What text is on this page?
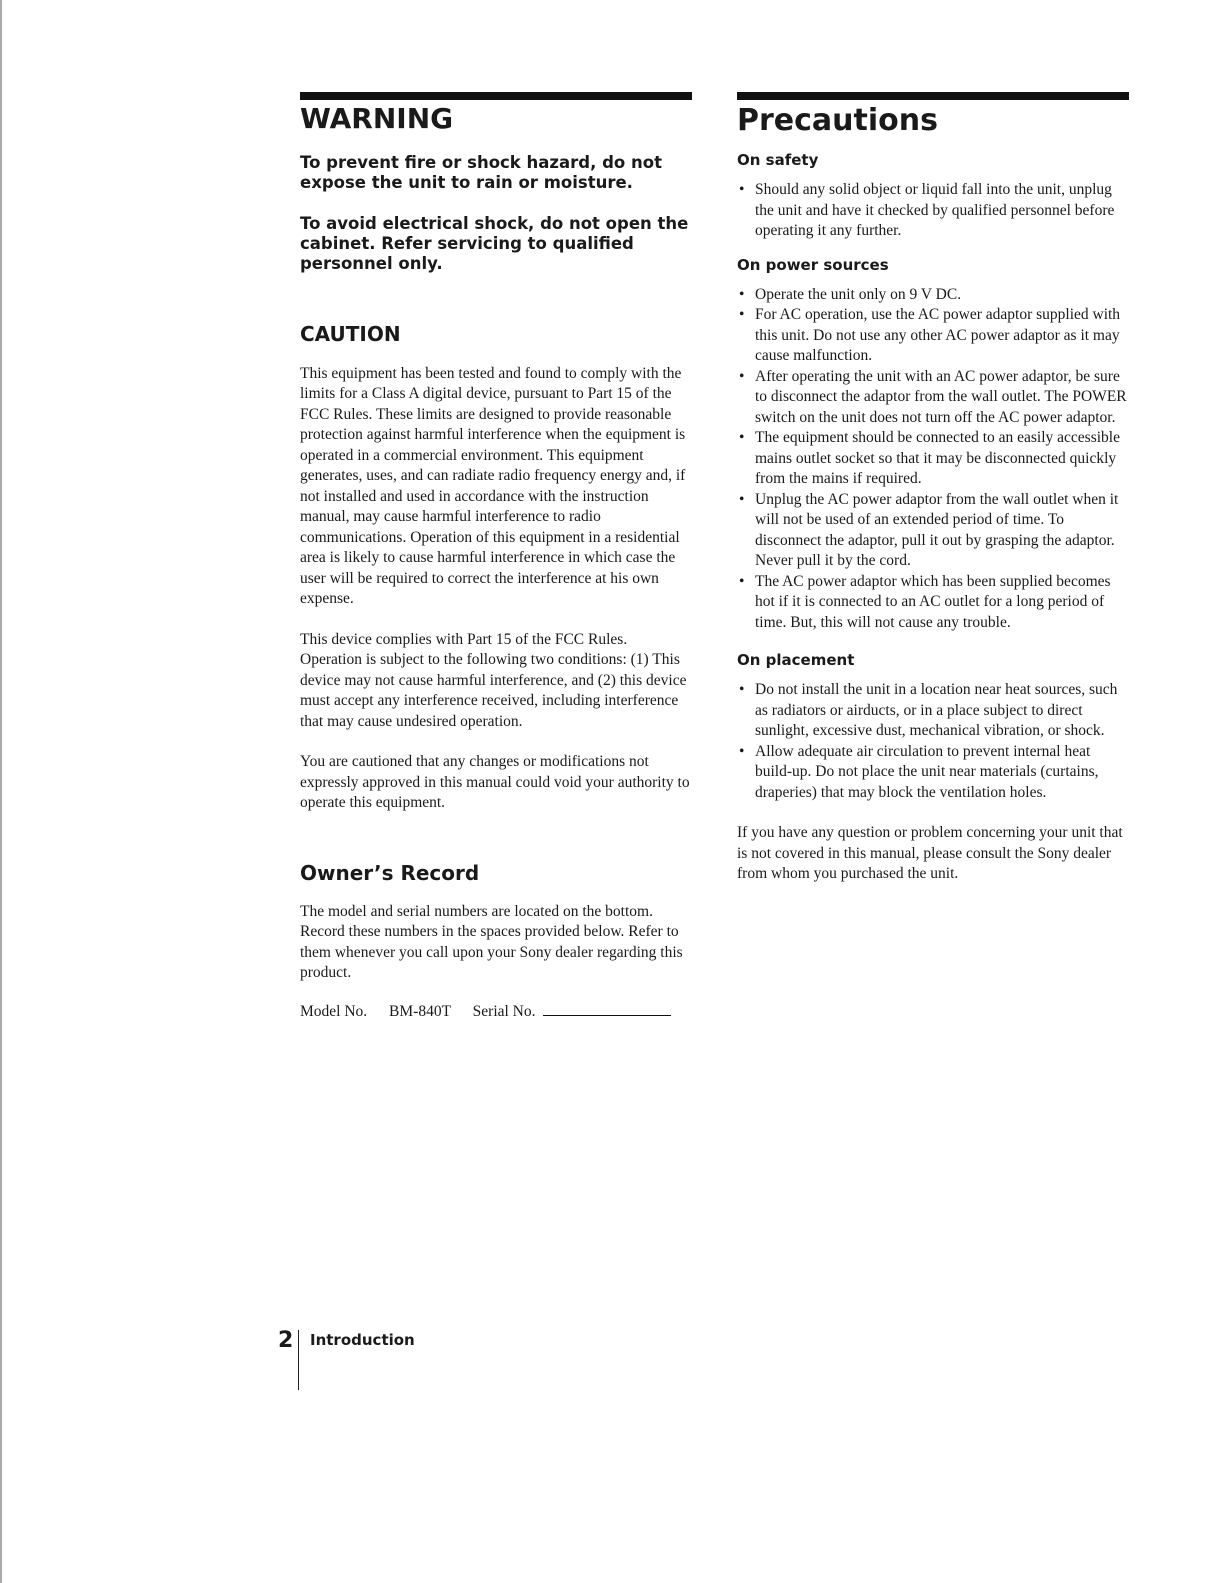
WARNING

To prevent fire or shock hazard, do not expose the unit to rain or moisture.

To avoid electrical shock, do not open the cabinet. Refer servicing to qualified personnel only.

CAUTION

This equipment has been tested and found to comply with the limits for a Class A digital device, pursuant to Part 15 of the FCC Rules. These limits are designed to provide reasonable protection against harmful interference when the equipment is operated in a commercial environment. This equipment generates, uses, and can radiate radio frequency energy and, if not installed and used in accordance with the instruction manual, may cause harmful interference to radio communications. Operation of this equipment in a residential area is likely to cause harmful interference in which case the user will be required to correct the interference at his own expense.

This device complies with Part 15 of the FCC Rules. Operation is subject to the following two conditions: (1) This device may not cause harmful interference, and (2) this device must accept any interference received, including interference that may cause undesired operation.

You are cautioned that any changes or modifications not expressly approved in this manual could void your authority to operate this equipment.

Owner’s Record

The model and serial numbers are located on the bottom. Record these numbers in the spaces provided below. Refer to them whenever you call upon your Sony dealer regarding this product.

Model No. BM-840T Serial No.
Precautions
On safety
• Should any solid object or liquid fall into the unit, unplug the unit and have it checked by qualified personnel before operating it any further.
On power sources
• Operate the unit only on 9 V DC.
• For AC operation, use the AC power adaptor supplied with this unit. Do not use any other AC power adaptor as it may cause malfunction.
• After operating the unit with an AC power adaptor, be sure to disconnect the adaptor from the wall outlet. The POWER switch on the unit does not turn off the AC power adaptor.
• The equipment should be connected to an easily accessible mains outlet socket so that it may be disconnected quickly from the mains if required.
• Unplug the AC power adaptor from the wall outlet when it will not be used of an extended period of time. To disconnect the adaptor, pull it out by grasping the adaptor. Never pull it by the cord.
• The AC power adaptor which has been supplied becomes hot if it is connected to an AC outlet for a long period of time. But, this will not cause any trouble.
On placement
• Do not install the unit in a location near heat sources, such as radiators or airducts, or in a place subject to direct sunlight, excessive dust, mechanical vibration, or shock.
• Allow adequate air circulation to prevent internal heat build-up. Do not place the unit near materials (curtains, draperies) that may block the ventilation holes.

If you have any question or problem concerning your unit that is not covered in this manual, please consult the Sony dealer from whom you purchased the unit.

2 Introduction
